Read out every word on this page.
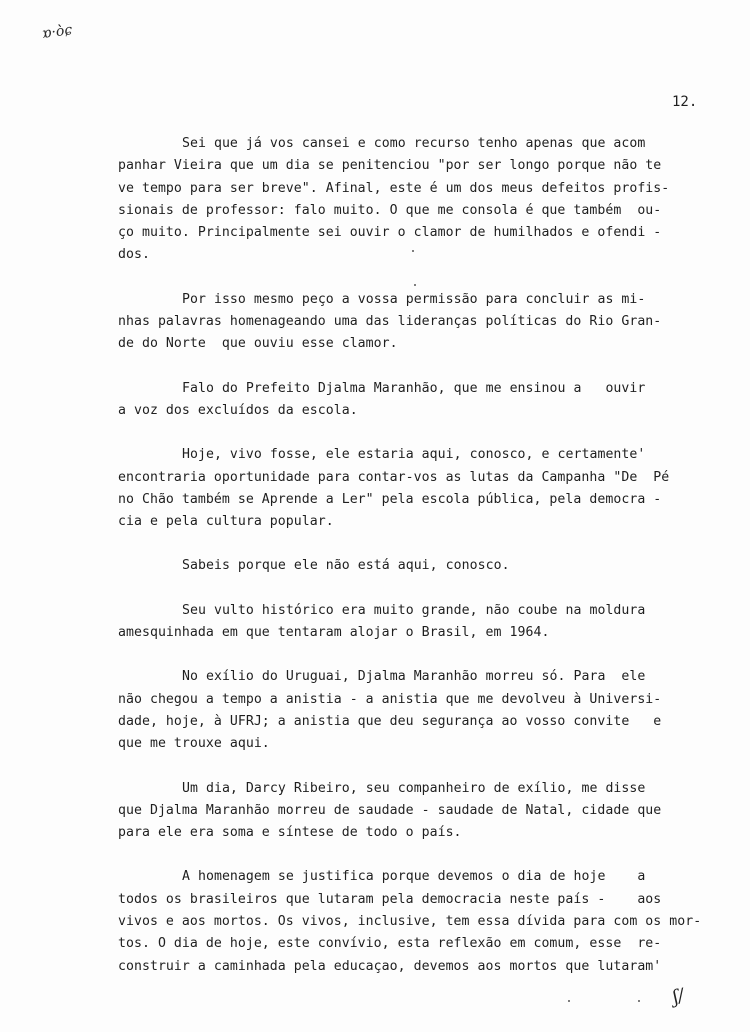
ɒ·ò̀ɕ
12.
Sei que já vos cansei e como recurso tenho apenas que acom
panhar Vieira que um dia se penitenciou "por ser longo porque não te
ve tempo para ser breve". Afinal, este é um dos meus defeitos profis-
sionais de professor: falo muito. O que me consola é que também  ou-
ço muito. Principalmente sei ouvir o clamor de humilhados e ofendi -
dos.
Por isso mesmo peço a vossa permissão para concluir as mi-
nhas palavras homenageando uma das lideranças políticas do Rio Gran-
de do Norte  que ouviu esse clamor.
Falo do Prefeito Djalma Maranhão, que me ensinou a   ouvir
a voz dos excluídos da escola.
Hoje, vivo fosse, ele estaria aqui, conosco, e certamente'
encontraria oportunidade para contar-vos as lutas da Campanha "De  Pé
no Chão também se Aprende a Ler" pela escola pública, pela democra -
cia e pela cultura popular.
Sabeis porque ele não está aqui, conosco.
Seu vulto histórico era muito grande, não coube na moldura
amesquinhada em que tentaram alojar o Brasil, em 1964.
No exílio do Uruguai, Djalma Maranhão morreu só. Para  ele
não chegou a tempo a anistia - a anistia que me devolveu à Universi-
dade, hoje, à UFRJ; a anistia que deu segurança ao vosso convite   e
que me trouxe aqui.
Um dia, Darcy Ribeiro, seu companheiro de exílio, me disse
que Djalma Maranhão morreu de saudade - saudade de Natal, cidade que
para ele era soma e síntese de todo o país.
A homenagem se justifica porque devemos o dia de hoje    a
todos os brasileiros que lutaram pela democracia neste país -    aos
vivos e aos mortos. Os vivos, inclusive, tem essa dívida para com os mor-
tos. O dia de hoje, este convívio, esta reflexão em comum, esse  re-
construir a caminhada pela educaçao, devemos aos mortos que lutaram'
ʃ/
